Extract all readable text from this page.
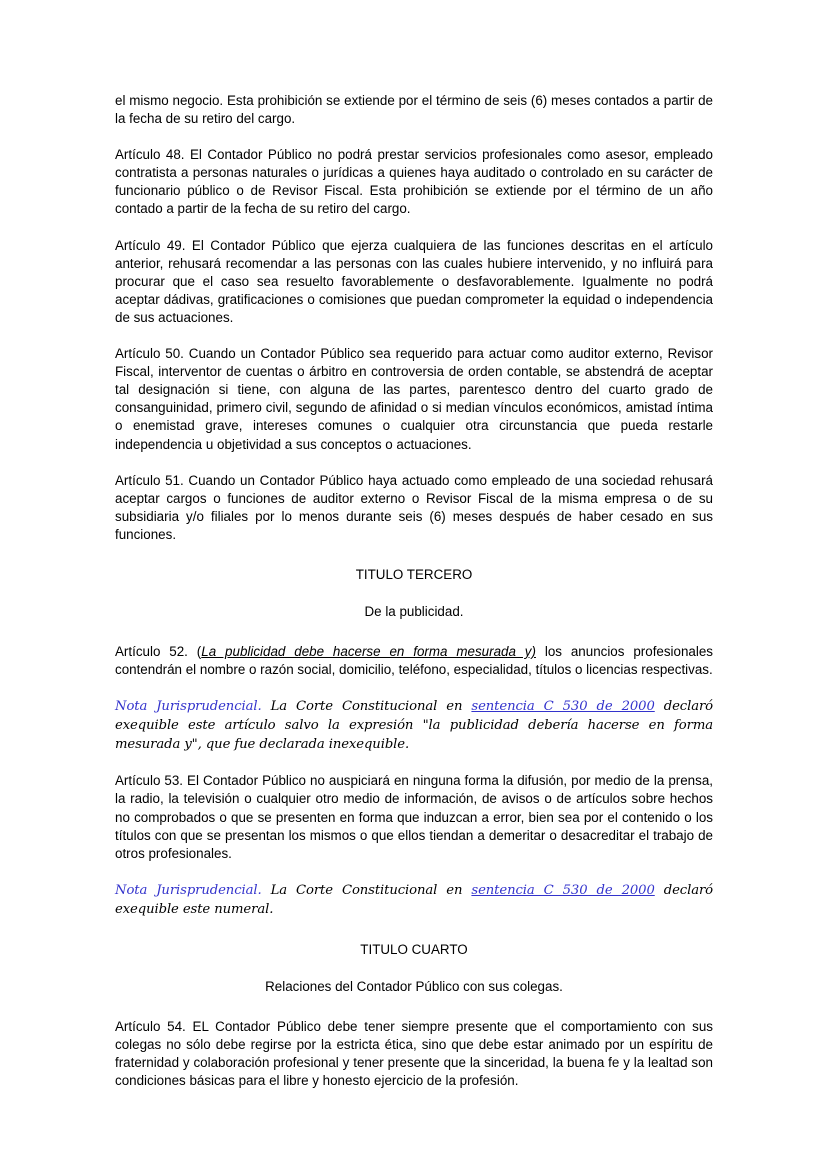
el mismo negocio. Esta prohibición se extiende por el término de seis (6) meses contados a partir de la fecha de su retiro del cargo.

Artículo 48. El Contador Público no podrá prestar servicios profesionales como asesor, empleado contratista a personas naturales o jurídicas a quienes haya auditado o controlado en su carácter de funcionario público o de Revisor Fiscal. Esta prohibición se extiende por el término de un año contado a partir de la fecha de su retiro del cargo.

Artículo 49. El Contador Público que ejerza cualquiera de las funciones descritas en el artículo anterior, rehusará recomendar a las personas con las cuales hubiere intervenido, y no influirá para procurar que el caso sea resuelto favorablemente o desfavorablemente. Igualmente no podrá aceptar dádivas, gratificaciones o comisiones que puedan comprometer la equidad o independencia de sus actuaciones.

Artículo 50. Cuando un Contador Público sea requerido para actuar como auditor externo, Revisor Fiscal, interventor de cuentas o árbitro en controversia de orden contable, se abstendrá de aceptar tal designación si tiene, con alguna de las partes, parentesco dentro del cuarto grado de consanguinidad, primero civil, segundo de afinidad o si median vínculos económicos, amistad íntima o enemistad grave, intereses comunes o cualquier otra circunstancia que pueda restarle independencia u objetividad a sus conceptos o actuaciones.

Artículo 51. Cuando un Contador Público haya actuado como empleado de una sociedad rehusará aceptar cargos o funciones de auditor externo o Revisor Fiscal de la misma empresa o de su subsidiaria y/o filiales por lo menos durante seis (6) meses después de haber cesado en sus funciones.

TITULO TERCERO

De la publicidad.

Artículo 52. (La publicidad debe hacerse en forma mesurada y) los anuncios profesionales contendrán el nombre o razón social, domicilio, teléfono, especialidad, títulos o licencias respectivas.

Nota Jurisprudencial. La Corte Constitucional en sentencia C 530 de 2000 declaró exequible este artículo salvo la expresión "la publicidad debería hacerse en forma mesurada y", que fue declarada inexequible.

Artículo 53. El Contador Público no auspiciará en ninguna forma la difusión, por medio de la prensa, la radio, la televisión o cualquier otro medio de información, de avisos o de artículos sobre hechos no comprobados o que se presenten en forma que induzcan a error, bien sea por el contenido o los títulos con que se presentan los mismos o que ellos tiendan a demeritar o desacreditar el trabajo de otros profesionales.

Nota Jurisprudencial. La Corte Constitucional en sentencia C 530 de 2000 declaró exequible este numeral.

TITULO CUARTO

Relaciones del Contador Público con sus colegas.

Artículo 54. EL Contador Público debe tener siempre presente que el comportamiento con sus colegas no sólo debe regirse por la estricta ética, sino que debe estar animado por un espíritu de fraternidad y colaboración profesional y tener presente que la sinceridad, la buena fe y la lealtad son condiciones básicas para el libre y honesto ejercicio de la profesión.
